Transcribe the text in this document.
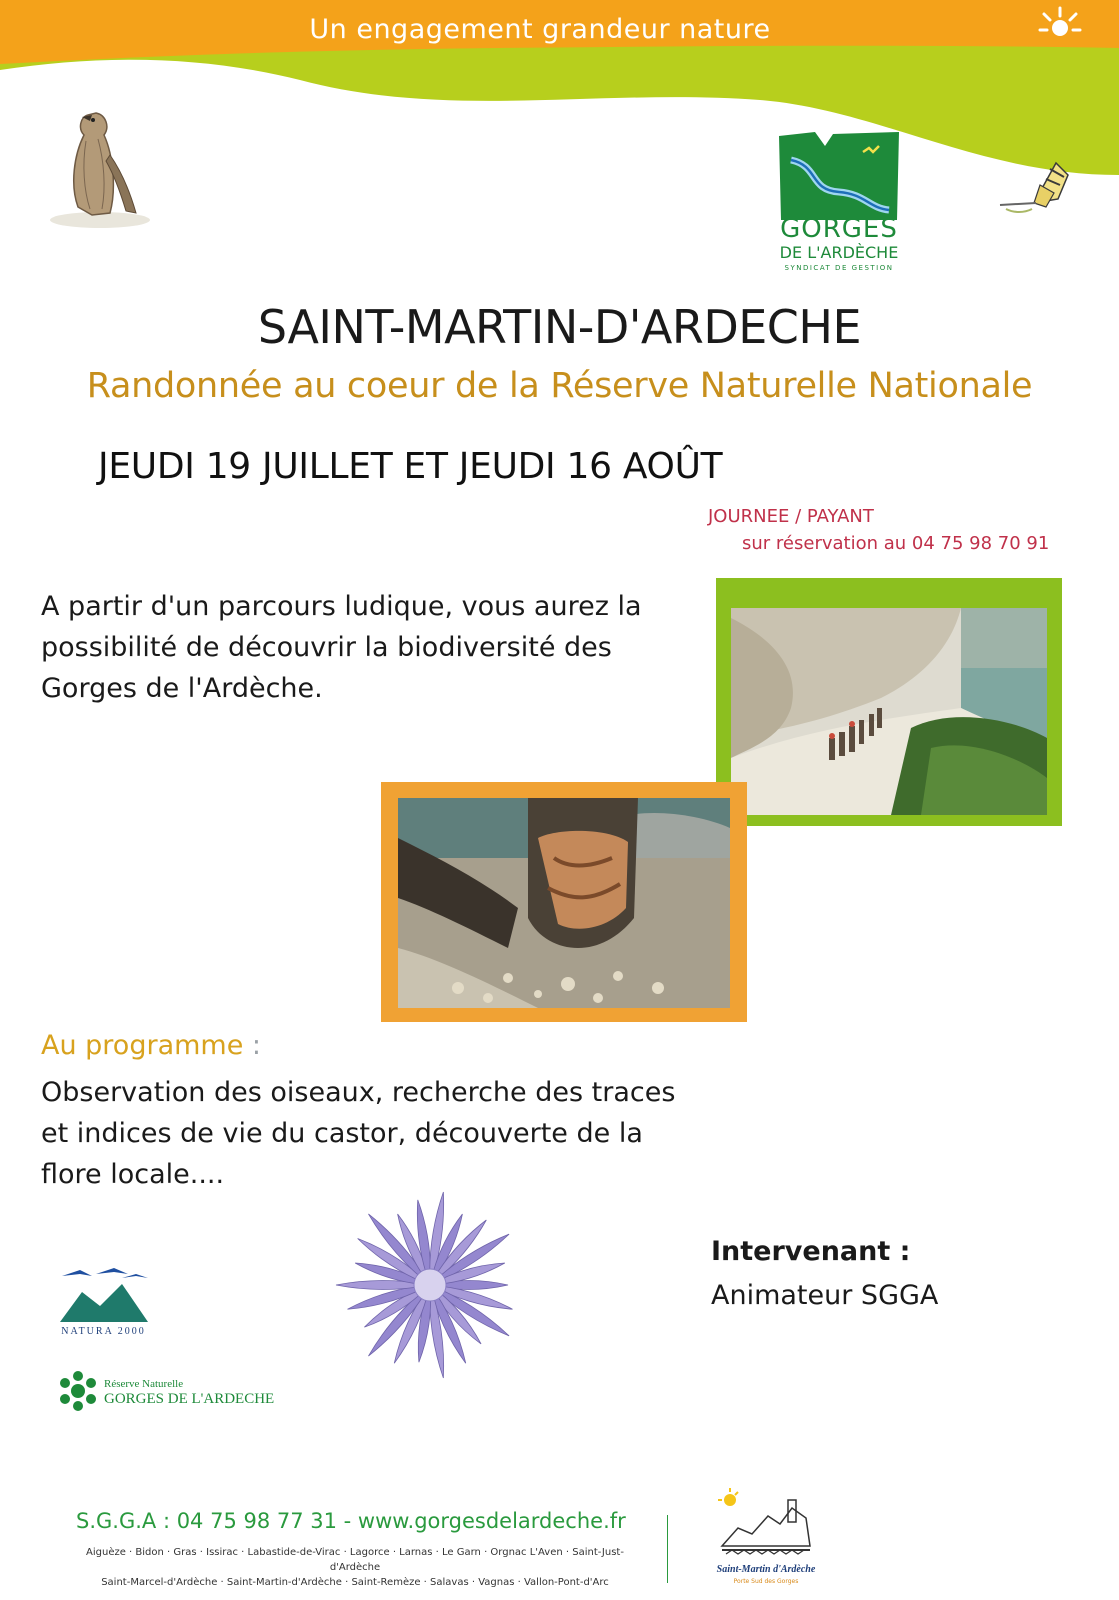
Un engagement grandeur nature
GORGES
DE L'ARDÈCHE
SYNDICAT DE GESTION
SAINT-MARTIN-D'ARDECHE
Randonnée au coeur de la Réserve Naturelle Nationale
JEUDI 19 JUILLET ET JEUDI 16 AOÛT
JOURNEE / PAYANT
sur réservation au 04 75 98 70 91
A partir d'un parcours ludique, vous aurez la possibilité de découvrir la biodiversité des Gorges de l'Ardèche.
Au programme :
Observation des oiseaux, recherche des traces et indices de vie du castor, découverte de la flore locale....
Intervenant :
Animateur SGGA
NATURA 2000
Réserve Naturelle
GORGES DE L'ARDECHE
S.G.G.A : 04 75 98 77 31 - www.gorgesdelardeche.fr
Aiguèze · Bidon · Gras · Issirac · Labastide-de-Virac · Lagorce · Larnas · Le Garn · Orgnac L'Aven · Saint-Just-d'Ardèche
Saint-Marcel-d'Ardèche · Saint-Martin-d'Ardèche · Saint-Remèze · Salavas · Vagnas · Vallon-Pont-d'Arc
Saint-Martin d'Ardèche
Porte Sud des Gorges
